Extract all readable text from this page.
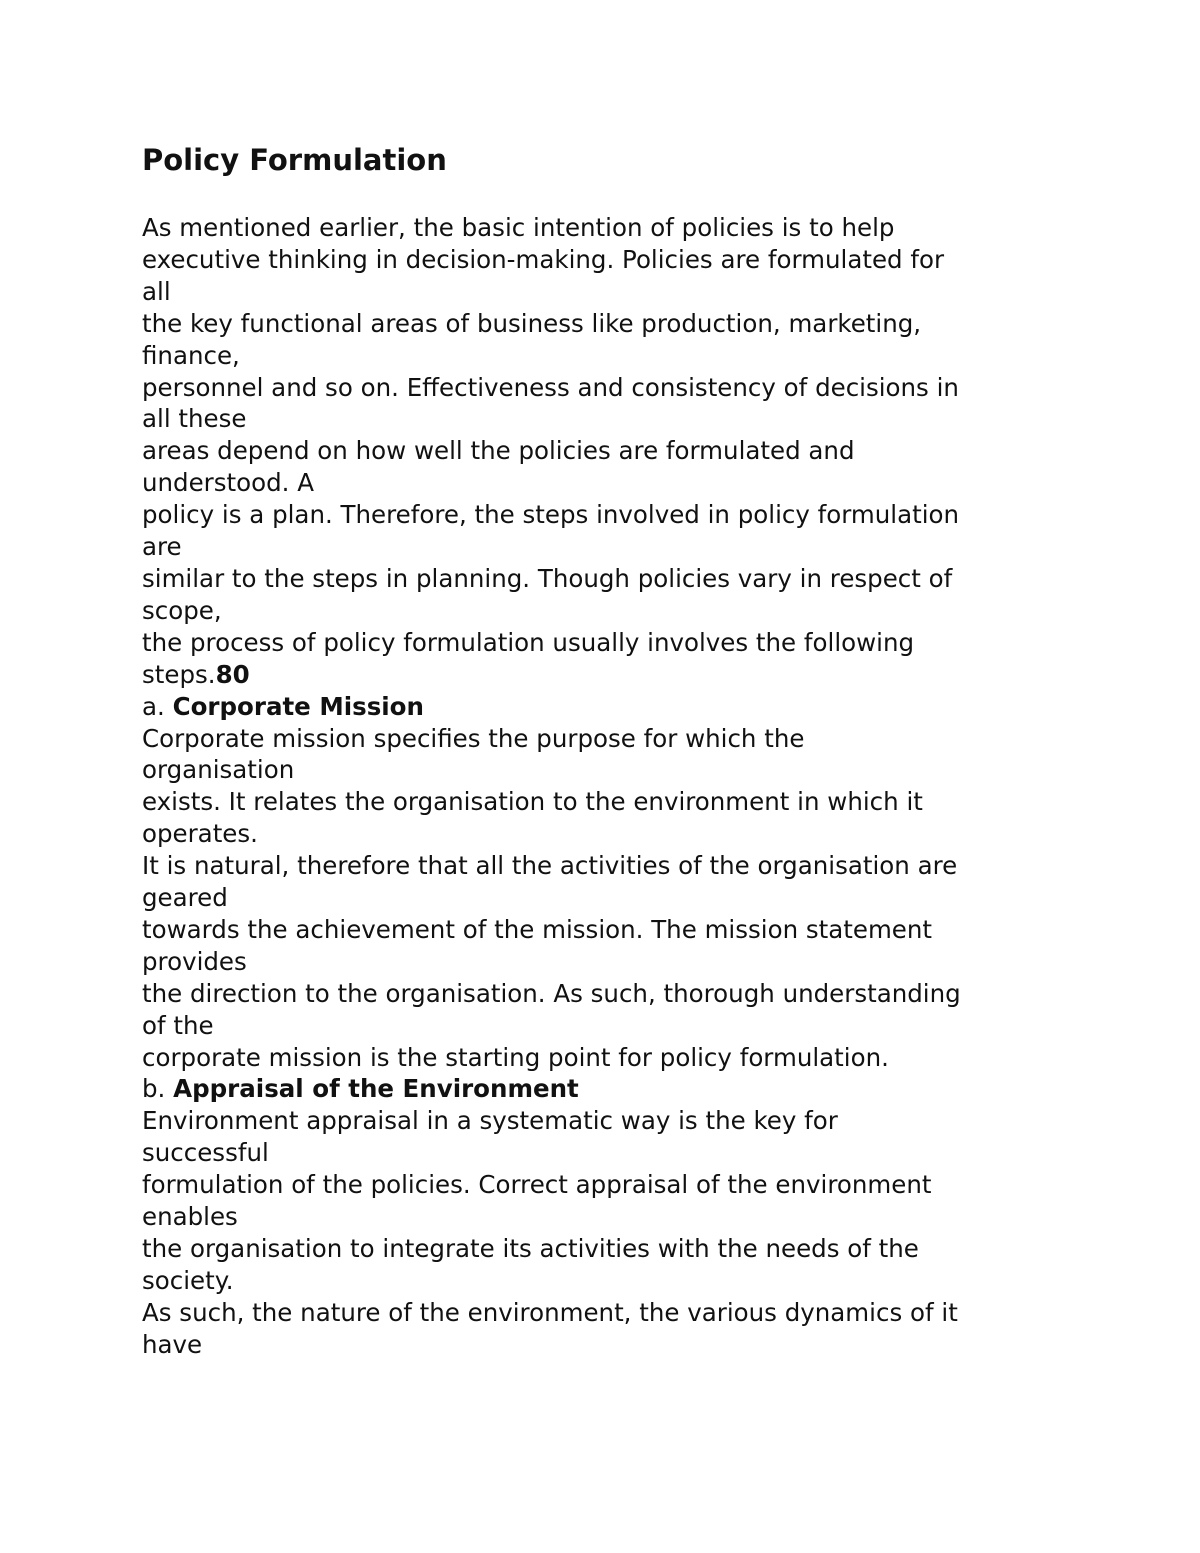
Policy Formulation
As mentioned earlier, the basic intention of policies is to help
executive thinking in decision-making. Policies are formulated for
all
the key functional areas of business like production, marketing,
finance,
personnel and so on. Effectiveness and consistency of decisions in
all these
areas depend on how well the policies are formulated and
understood. A
policy is a plan. Therefore, the steps involved in policy formulation
are
similar to the steps in planning. Though policies vary in respect of
scope,
the process of policy formulation usually involves the following
steps.80
a. Corporate Mission
Corporate mission specifies the purpose for which the
organisation
exists. It relates the organisation to the environment in which it
operates.
It is natural, therefore that all the activities of the organisation are
geared
towards the achievement of the mission. The mission statement
provides
the direction to the organisation. As such, thorough understanding
of the
corporate mission is the starting point for policy formulation.
b. Appraisal of the Environment
Environment appraisal in a systematic way is the key for
successful
formulation of the policies. Correct appraisal of the environment
enables
the organisation to integrate its activities with the needs of the
society.
As such, the nature of the environment, the various dynamics of it
have
